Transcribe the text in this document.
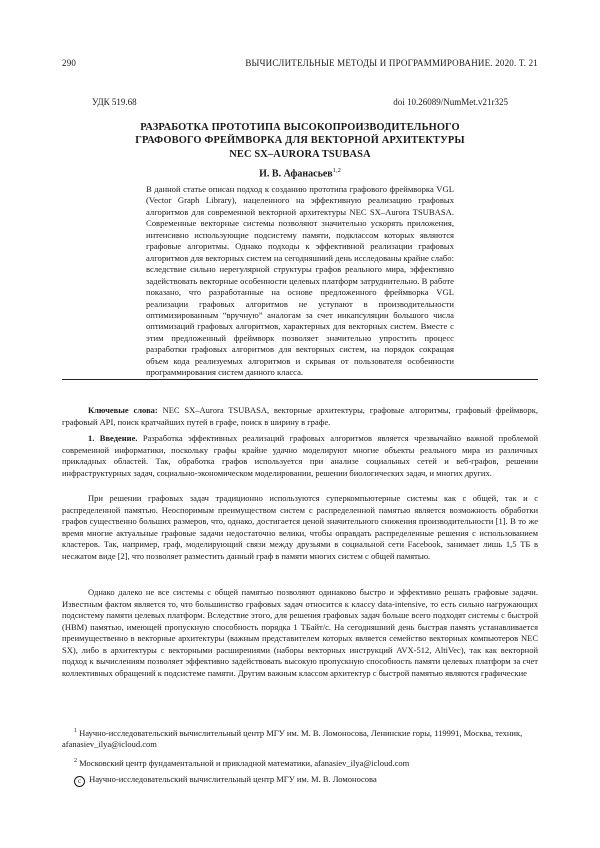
290	ВЫЧИСЛИТЕЛЬНЫЕ МЕТОДЫ И ПРОГРАММИРОВАНИЕ. 2020. Т. 21
УДК 519.68	doi 10.26089/NumMet.v21r325
РАЗРАБОТКА ПРОТОТИПА ВЫСОКОПРОИЗВОДИТЕЛЬНОГО
ГРАФОВОГО ФРЕЙМВОРКА ДЛЯ ВЕКТОРНОЙ АРХИТЕКТУРЫ
NEC SX–AURORA TSUBASA
И. В. Афанасьев$^{1,2}$

В данной статье описан подход к созданию прототипа графового фреймворка VGL (Vector Graph Library), нацеленного на эффективную реализацию графовых алгоритмов для современной векторной архитектуры NEC SX–Aurora TSUBASA. Современные векторные системы позволяют значительно ускорять приложения, интенсивно использующие подсистему памяти, подклассом которых являются графовые алгоритмы. Однако подходы к эффективной реализации графовых алгоритмов для векторных систем на сегодняшний день исследованы крайне слабо: вследствие сильно нерегулярной структуры графов реального мира, эффективно задействовать векторные особенности целевых платформ затруднительно. В работе показано, что разработанные на основе предложенного фреймворка VGL реализации графовых алгоритмов не уступают в производительности оптимизированным “вручную” аналогам за счет инкапсуляции большого числа оптимизаций графовых алгоритмов, характерных для векторных систем. Вместе с этим предложенный фреймворк позволяет значительно упростить процесс разработки графовых алгоритмов для векторных систем, на порядок сокращая объем кода реализуемых алгоритмов и скрывая от пользователя особенности программирования систем данного класса.

Ключевые слова: NEC SX–Aurora TSUBASA, векторные архитектуры, графовые алгоритмы, графовый фреймворк, графовый API, поиск кратчайших путей в графе, поиск в ширину в графе.

1. Введение. Разработка эффективных реализаций графовых алгоритмов является чрезвычайно важной проблемой современной информатики, поскольку графы крайне удачно моделируют многие объекты реального мира из различных прикладных областей. Так, обработка графов используется при анализе социальных сетей и веб-графов, решении инфраструктурных задач, социально-экономическом моделировании, решении биологических задач, и многих других.

При решении графовых задач традиционно используются суперкомпьютерные системы как с общей, так и с распределенной памятью. Неоспоримым преимуществом систем с распределенной памятью является возможность обработки графов существенно больших размеров, что, однако, достигается ценой значительного снижения производительности [1]. В то же время многие актуальные графовые задачи недостаточно велики, чтобы оправдать распределенные решения с использованием кластеров. Так, например, граф, моделирующий связи между друзьями в социальной сети Facebook, занимает лишь 1,5 ТБ в несжатом виде [2], что позволяет разместить данный граф в памяти многих систем с общей памятью.

Однако далеко не все системы с общей памятью позволяют одинаково быстро и эффективно решать графовые задачи. Известным фактом является то, что большинство графовых задач относится к классу data-intensive, то есть сильно нагружающих подсистему памяти целевых платформ. Вследствие этого, для решения графовых задач больше всего подходят системы с быстрой (HBM) памятью, имеющей пропускную способность порядка 1 ТБайт/с. На сегодняшний день быстрая память устанавливается преимущественно в векторные архитектуры (важным представителем которых является семейство векторных компьютеров NEC SX), либо в архитектуры с векторными расширениями (наборы векторных инструкций AVX-512, AltiVec), так как векторной подход к вычислениям позволяет эффективно задействовать высокую пропускную способность памяти целевых платформ за счет коллективных обращений к подсистеме памяти. Другим важным классом архитектур с быстрой памятью являются графические

$^1$ Научно-исследовательский вычислительный центр МГУ им. М. В. Ломоносова, Ленинские горы, 119991, Москва, техник, afanasiev_ilya@icloud.com

$^2$ Московский центр фундаментальной и прикладной математики, afanasiev_ilya@icloud.com

c Научно-исследовательский вычислительный центр МГУ им. М. В. Ломоносова
